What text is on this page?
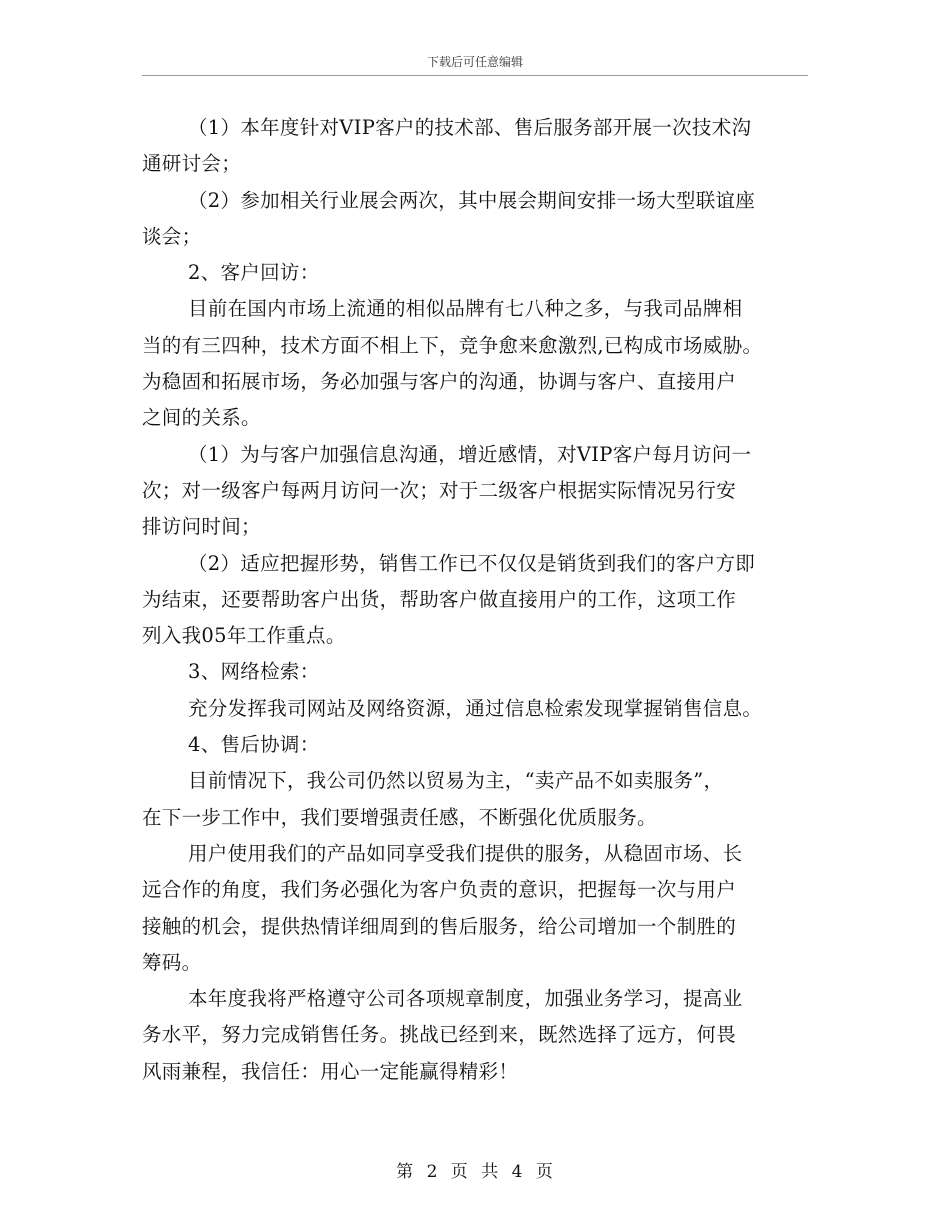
下载后可任意编辑
（1）本年度针对VIP客户的技术部、售后服务部开展一次技术沟
通研讨会；
（2）参加相关行业展会两次，其中展会期间安排一场大型联谊座
谈会；
2、客户回访：
目前在国内市场上流通的相似品牌有七八种之多，与我司品牌相
当的有三四种，技术方面不相上下，竞争愈来愈激烈,已构成市场威胁。
为稳固和拓展市场，务必加强与客户的沟通，协调与客户、直接用户
之间的关系。
（1）为与客户加强信息沟通，增近感情，对VIP客户每月访问一
次；对一级客户每两月访问一次；对于二级客户根据实际情况另行安
排访问时间；
（2）适应把握形势，销售工作已不仅仅是销货到我们的客户方即
为结束，还要帮助客户出货，帮助客户做直接用户的工作，这项工作
列入我05年工作重点。
3、网络检索：
充分发挥我司网站及网络资源，通过信息检索发现掌握销售信息。
4、售后协调：
目前情况下，我公司仍然以贸易为主，“卖产品不如卖服务”，
在下一步工作中，我们要增强责任感，不断强化优质服务。
用户使用我们的产品如同享受我们提供的服务，从稳固市场、长
远合作的角度，我们务必强化为客户负责的意识，把握每一次与用户
接触的机会，提供热情详细周到的售后服务，给公司增加一个制胜的
筹码。
本年度我将严格遵守公司各项规章制度，加强业务学习，提高业
务水平，努力完成销售任务。挑战已经到来，既然选择了远方，何畏
风雨兼程，我信任：用心一定能赢得精彩！
第 2 页 共 4 页
